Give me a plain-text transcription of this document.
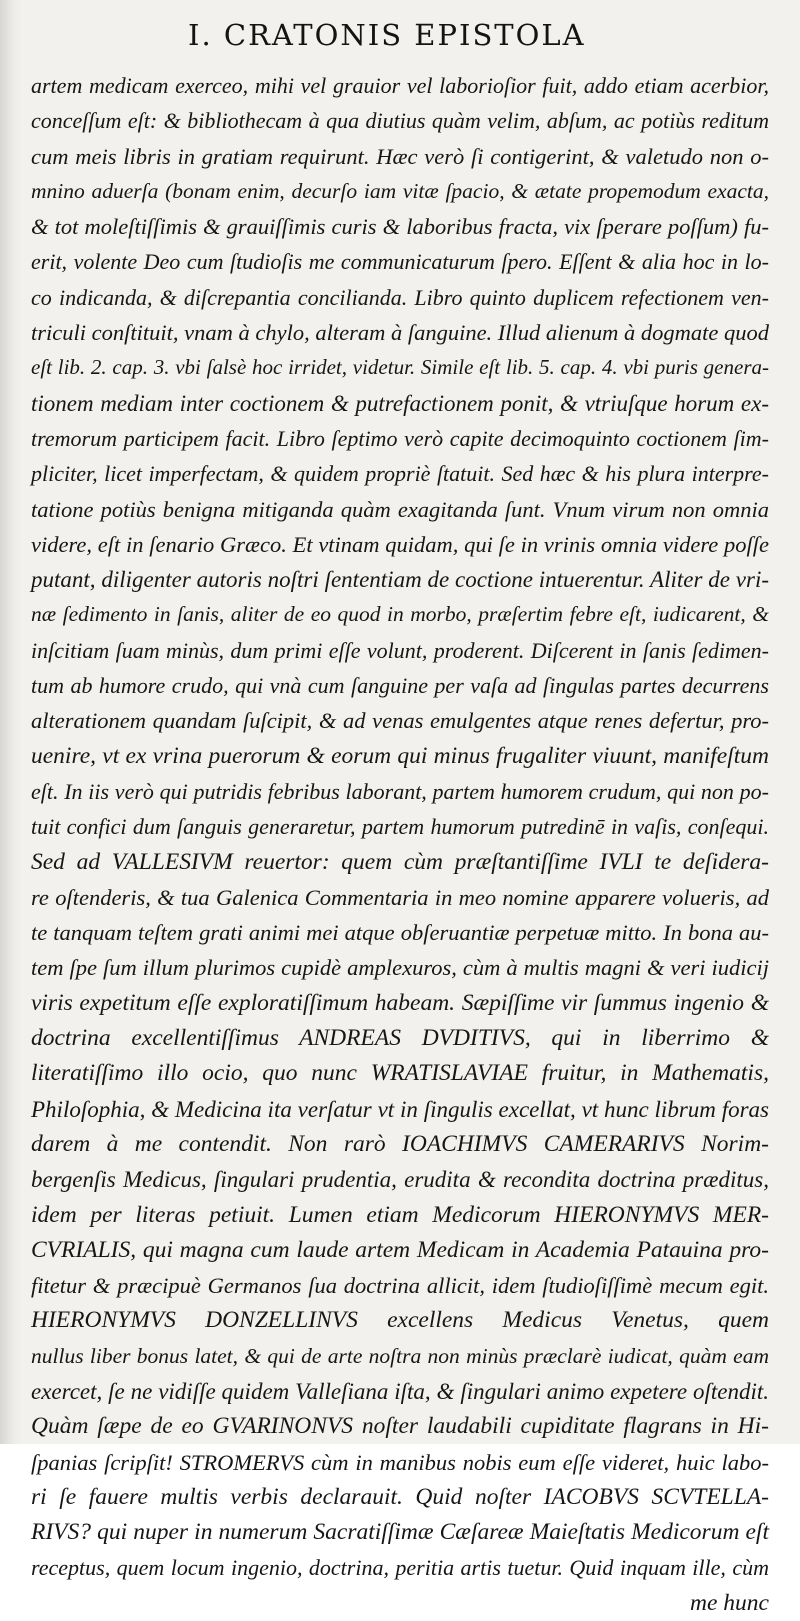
I. CRATONIS EPISTOLA
artem medicam exerceo, mihi vel grauior vel laborioſior fuit, addo etiam acerbior,
conceſſum eſt: & bibliothecam à qua diutius quàm velim, abſum, ac potiùs reditum
cum meis libris in gratiam requirunt. Hæc verò ſi contigerint, & valetudo non o-
mnino aduerſa (bonam enim, decurſo iam vitæ ſpacio, & ætate propemodum exacta,
& tot moleſtiſſimis & grauiſſimis curis & laboribus fracta, vix ſperare poſſum) fu-
erit, volente Deo cum ſtudioſis me communicaturum ſpero. Eſſent & alia hoc in lo-
co indicanda, & diſcrepantia concilianda. Libro quinto duplicem refectionem ven-
triculi conſtituit, vnam à chylo, alteram à ſanguine. Illud alienum à dogmate quod
eſt lib. 2. cap. 3. vbi ſalsè hoc irridet, videtur. Simile eſt lib. 5. cap. 4. vbi puris genera-
tionem mediam inter coctionem & putrefactionem ponit, & vtriuſque horum ex-
tremorum participem facit. Libro ſeptimo verò capite decimoquinto coctionem ſim-
pliciter, licet imperfectam, & quidem propriè ſtatuit. Sed hæc & his plura interpre-
tatione potiùs benigna mitiganda quàm exagitanda ſunt. Vnum virum non omnia
videre, eſt in ſenario Græco. Et vtinam quidam, qui ſe in vrinis omnia videre poſſe
putant, diligenter autoris noſtri ſententiam de coctione intuerentur. Aliter de vri-
næ ſedimento in ſanis, aliter de eo quod in morbo, præſertim febre eſt, iudicarent, &
inſcitiam ſuam minùs, dum primi eſſe volunt, proderent. Diſcerent in ſanis ſedimen-
tum ab humore crudo, qui vnà cum ſanguine per vaſa ad ſingulas partes decurrens
alterationem quandam ſuſcipit, & ad venas emulgentes atque renes defertur, pro-
uenire, vt ex vrina puerorum & eorum qui minus frugaliter viuunt, manifeſtum
eſt. In iis verò qui putridis febribus laborant, partem humorem crudum, qui non po-
tuit confici dum ſanguis generaretur, partem humorum putredinē in vaſis, conſequi.
Sed ad VALLESIVM reuertor: quem cùm præſtantiſſime IVLI te deſidera-
re oſtenderis, & tua Galenica Commentaria in meo nomine apparere volueris, ad
te tanquam teſtem grati animi mei atque obſeruantiæ perpetuæ mitto. In bona au-
tem ſpe ſum illum plurimos cupidè amplexuros, cùm à multis magni & veri iudicij
viris expetitum eſſe exploratiſſimum habeam. Sæpiſſime vir ſummus ingenio &
doctrina excellentiſſimus ANDREAS DVDITIVS, qui in liberrimo &
literatiſſimo illo ocio, quo nunc WRATISLAVIAE fruitur, in Mathematis,
Philoſophia, & Medicina ita verſatur vt in ſingulis excellat, vt hunc librum foras
darem à me contendit. Non rarò IOACHIMVS CAMERARIVS Norim-
bergenſis Medicus, ſingulari prudentia, erudita & recondita doctrina præditus,
idem per literas petiuit. Lumen etiam Medicorum HIERONYMVS MER-
CVRIALIS, qui magna cum laude artem Medicam in Academia Patauina pro-
fitetur & præcipuè Germanos ſua doctrina allicit, idem ſtudioſiſſimè mecum egit.
HIERONYMVS DONZELLINVS excellens Medicus Venetus, quem
nullus liber bonus latet, & qui de arte noſtra non minùs præclarè iudicat, quàm eam
exercet, ſe ne vidiſſe quidem Valleſiana iſta, & ſingulari animo expetere oſtendit.
Quàm ſæpe de eo GVARINONVS noſter laudabili cupiditate flagrans in Hi-
ſpanias ſcripſit! STROMERVS cùm in manibus nobis eum eſſe videret, huic labo-
ri ſe fauere multis verbis declarauit. Quid noſter IACOBVS SCVTELLA-
RIVS? qui nuper in numerum Sacratiſſimæ Cæſareæ Maieſtatis Medicorum eſt
receptus, quem locum ingenio, doctrina, peritia artis tuetur. Quid inquam ille, cùm
me hunc
